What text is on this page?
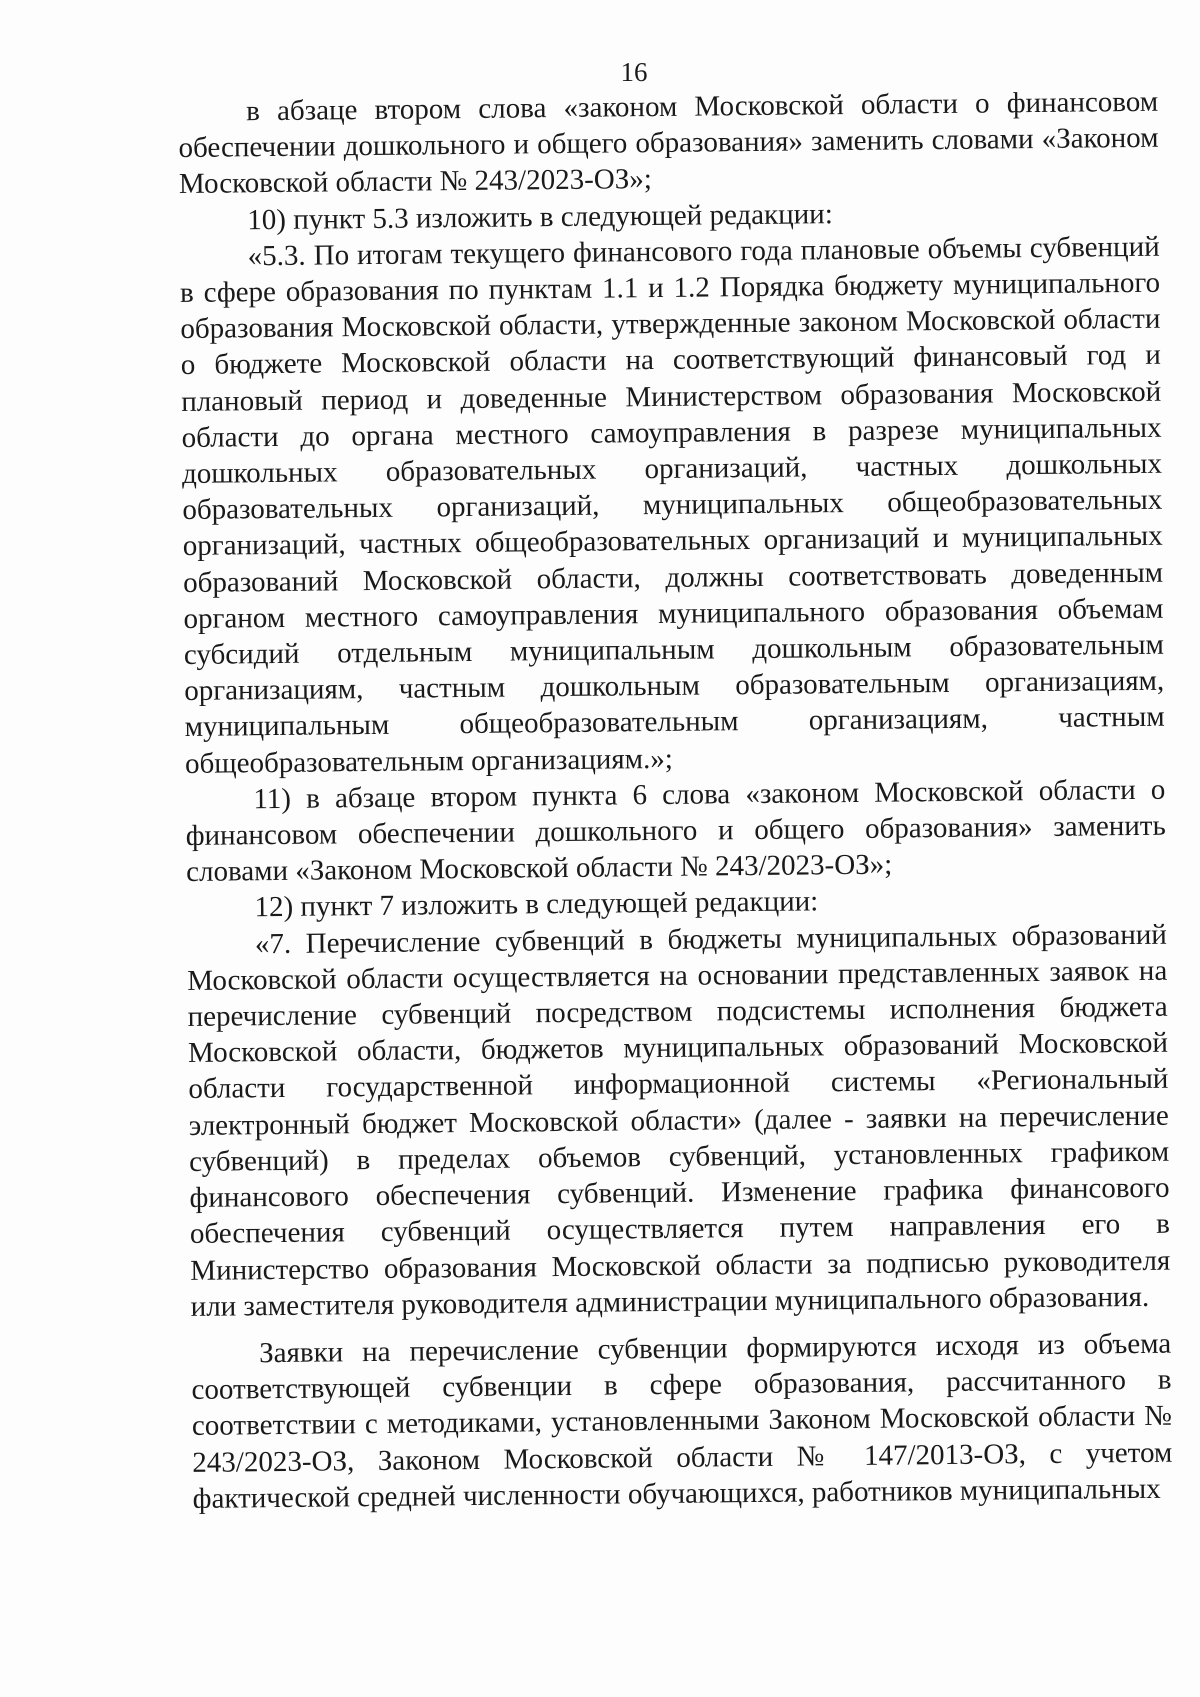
16

в абзаце втором слова «законом Московской области о финансовом обеспечении дошкольного и общего образования» заменить словами «Законом Московской области № 243/2023-ОЗ»;

10) пункт 5.3 изложить в следующей редакции:

«5.3. По итогам текущего финансового года плановые объемы субвенций в сфере образования по пунктам 1.1 и 1.2 Порядка бюджету муниципального образования Московской области, утвержденные законом Московской области о бюджете Московской области на соответствующий финансовый год и плановый период и доведенные Министерством образования Московской области до органа местного самоуправления в разрезе муниципальных дошкольных образовательных организаций, частных дошкольных образовательных организаций, муниципальных общеобразовательных организаций, частных общеобразовательных организаций и муниципальных образований Московской области, должны соответствовать доведенным органом местного самоуправления муниципального образования объемам субсидий отдельным муниципальным дошкольным образовательным организациям, частным дошкольным образовательным организациям, муниципальным общеобразовательным организациям, частным общеобразовательным организациям.»;

11) в абзаце втором пункта 6 слова «законом Московской области о финансовом обеспечении дошкольного и общего образования» заменить словами «Законом Московской области № 243/2023-ОЗ»;

12) пункт 7 изложить в следующей редакции:

«7. Перечисление субвенций в бюджеты муниципальных образований Московской области осуществляется на основании представленных заявок на перечисление субвенций посредством подсистемы исполнения бюджета Московской области, бюджетов муниципальных образований Московской области государственной информационной системы «Региональный электронный бюджет Московской области» (далее - заявки на перечисление субвенций) в пределах объемов субвенций, установленных графиком финансового обеспечения субвенций. Изменение графика финансового обеспечения субвенций осуществляется путем направления его в Министерство образования Московской области за подписью руководителя или заместителя руководителя администрации муниципального образования.

Заявки на перечисление субвенции формируются исходя из объема соответствующей субвенции в сфере образования, рассчитанного в соответствии с методиками, установленными Законом Московской области № 243/2023-ОЗ, Законом Московской области № 147/2013-ОЗ, с учетом фактической средней численности обучающихся, работников муниципальных
